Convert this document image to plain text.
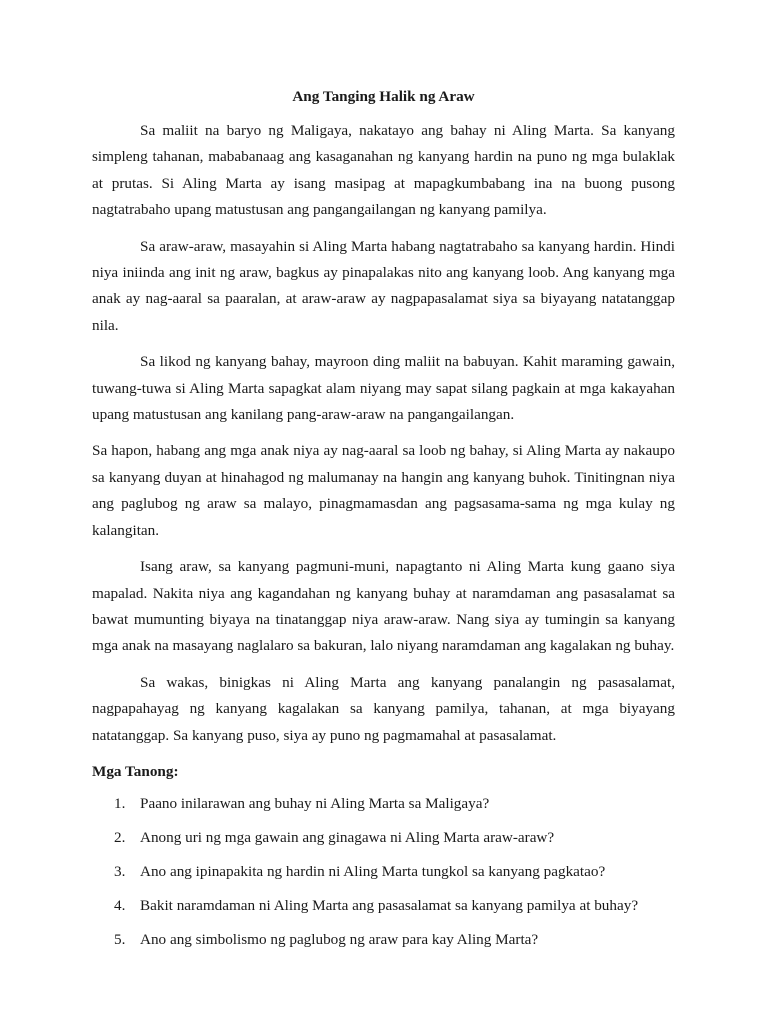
Ang Tanging Halik ng Araw

Sa maliit na baryo ng Maligaya, nakatayo ang bahay ni Aling Marta. Sa kanyang simpleng tahanan, mababanaag ang kasaganahan ng kanyang hardin na puno ng mga bulaklak at prutas. Si Aling Marta ay isang masipag at mapagkumbabang ina na buong pusong nagtatrabaho upang matustusan ang pangangailangan ng kanyang pamilya.

Sa araw-araw, masayahin si Aling Marta habang nagtatrabaho sa kanyang hardin. Hindi niya iniinda ang init ng araw, bagkus ay pinapalakas nito ang kanyang loob. Ang kanyang mga anak ay nag-aaral sa paaralan, at araw-araw ay nagpapasalamat siya sa biyayang natatanggap nila.

Sa likod ng kanyang bahay, mayroon ding maliit na babuyan. Kahit maraming gawain, tuwang-tuwa si Aling Marta sapagkat alam niyang may sapat silang pagkain at mga kakayahan upang matustusan ang kanilang pang-araw-araw na pangangailangan.

Sa hapon, habang ang mga anak niya ay nag-aaral sa loob ng bahay, si Aling Marta ay nakaupo sa kanyang duyan at hinahagod ng malumanay na hangin ang kanyang buhok. Tinitingnan niya ang paglubog ng araw sa malayo, pinagmamasdan ang pagsasama-sama ng mga kulay ng kalangitan.

Isang araw, sa kanyang pagmuni-muni, napagtanto ni Aling Marta kung gaano siya mapalad. Nakita niya ang kagandahan ng kanyang buhay at naramdaman ang pasasalamat sa bawat mumunting biyaya na tinatanggap niya araw-araw. Nang siya ay tumingin sa kanyang mga anak na masayang naglalaro sa bakuran, lalo niyang naramdaman ang kagalakan ng buhay.

Sa wakas, binigkas ni Aling Marta ang kanyang panalangin ng pasasalamat, nagpapahayag ng kanyang kagalakan sa kanyang pamilya, tahanan, at mga biyayang natatanggap. Sa kanyang puso, siya ay puno ng pagmamahal at pasasalamat.

Mga Tanong:

1. Paano inilarawan ang buhay ni Aling Marta sa Maligaya?
2. Anong uri ng mga gawain ang ginagawa ni Aling Marta araw-araw?
3. Ano ang ipinapakita ng hardin ni Aling Marta tungkol sa kanyang pagkatao?
4. Bakit naramdaman ni Aling Marta ang pasasalamat sa kanyang pamilya at buhay?
5. Ano ang simbolismo ng paglubog ng araw para kay Aling Marta?
